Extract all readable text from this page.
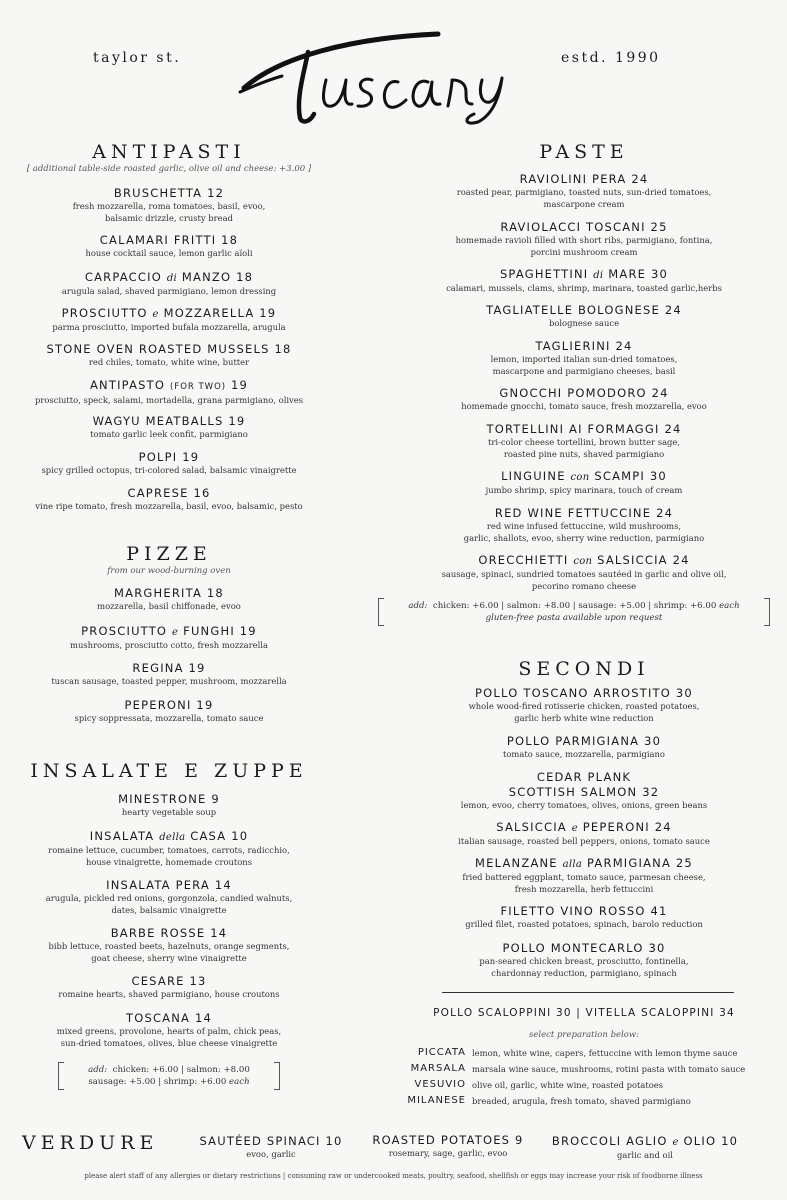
taylor st.	estd. 1990
ANTIPASTI
[ additional table-side roasted garlic, olive oil and cheese: +3.00 ]
BRUSCHETTA 12
fresh mozzarella, roma tomatoes, basil, evoo,
balsamic drizzle, crusty bread
CALAMARI FRITTI 18
house cocktail sauce, lemon garlic aïoli
CARPACCIO di MANZO 18
arugula salad, shaved parmigiano, lemon dressing
PROSCIUTTO e MOZZARELLA 19
parma prosciutto, imported bufala mozzarella, arugula
STONE OVEN ROASTED MUSSELS 18
red chiles, tomato, white wine, butter
ANTIPASTO (FOR TWO) 19
prosciutto, speck, salami, mortadella, grana parmigiano, olives
WAGYU MEATBALLS 19
tomato garlic leek confit, parmigiano
POLPI 19
spicy grilled octopus, tri-colored salad, balsamic vinaigrette
CAPRESE 16
vine ripe tomato, fresh mozzarella, basil, evoo, balsamic, pesto
PIZZE
from our wood-burning oven
MARGHERITA 18
mozzarella, basil chiffonade, evoo
PROSCIUTTO e FUNGHI 19
mushrooms, prosciutto cotto, fresh mozzarella
REGINA 19
tuscan sausage, toasted pepper, mushroom, mozzarella
PEPERONI 19
spicy soppressata, mozzarella, tomato sauce
INSALATE E ZUPPE
MINESTRONE 9
hearty vegetable soup
INSALATA della CASA 10
romaine lettuce, cucumber, tomatoes, carrots, radicchio,
house vinaigrette, homemade croutons
INSALATA PERA 14
arugula, pickled red onions, gorgonzola, candied walnuts,
dates, balsamic vinaigrette
BARBE ROSSE 14
bibb lettuce, roasted beets, hazelnuts, orange segments,
goat cheese, sherry wine vinaigrette
CESARE 13
romaine hearts, shaved parmigiano, house croutons
TOSCANA 14
mixed greens, provolone, hearts of palm, chick peas,
sun-dried tomatoes, olives, blue cheese vinaigrette
add: chicken: +6.00 | salmon: +8.00
sausage: +5.00 | shrimp: +6.00 each
PASTE
RAVIOLINI PERA 24
roasted pear, parmigiano, toasted nuts, sun-dried tomatoes,
mascarpone cream
RAVIOLACCI TOSCANI 25
homemade ravioli filled with short ribs, parmigiano, fontina,
porcini mushroom cream
SPAGHETTINI di MARE 30
calamari, mussels, clams, shrimp, marinara, toasted garlic,herbs
TAGLIATELLE BOLOGNESE 24
bolognese sauce
TAGLIERINI 24
lemon, imported italian sun-dried tomatoes,
mascarpone and parmigiano cheeses, basil
GNOCCHI POMODORO 24
homemade gnocchi, tomato sauce, fresh mozzarella, evoo
TORTELLINI AI FORMAGGI 24
tri-color cheese tortellini, brown butter sage,
roasted pine nuts, shaved parmigiano
LINGUINE con SCAMPI 30
jumbo shrimp, spicy marinara, touch of cream
RED WINE FETTUCCINE 24
red wine infused fettuccine, wild mushrooms,
garlic, shallots, evoo, sherry wine reduction, parmigiano
ORECCHIETTI con SALSICCIA 24
sausage, spinaci, sundried tomatoes sautéed in garlic and olive oil,
pecorino romano cheese
add: chicken: +6.00 | salmon: +8.00 | sausage: +5.00 | shrimp: +6.00 each
gluten-free pasta available upon request
SECONDI
POLLO TOSCANO ARROSTITO 30
whole wood-fired rotisserie chicken, roasted potatoes,
garlic herb white wine reduction
POLLO PARMIGIANA 30
tomato sauce, mozzarella, parmigiano
CEDAR PLANK
SCOTTISH SALMON 32
lemon, evoo, cherry tomatoes, olives, onions, green beans
SALSICCIA e PEPERONI 24
italian sausage, roasted bell peppers, onions, tomato sauce
MELANZANE alla PARMIGIANA 25
fried battered eggplant, tomato sauce, parmesan cheese,
fresh mozzarella, herb fettuccini
FILETTO VINO ROSSO 41
grilled filet, roasted potatoes, spinach, barolo reduction
POLLO MONTECARLO 30
pan-seared chicken breast, prosciutto, fontinella,
chardonnay reduction, parmigiano, spinach
POLLO SCALOPPINI 30 | VITELLA SCALOPPINI 34
select preparation below:
PICCATA lemon, white wine, capers, fettuccine with lemon thyme sauce
MARSALA marsala wine sauce, mushrooms, rotini pasta with tomato sauce
VESUVIO olive oil, garlic, white wine, roasted potatoes
MILANESE breaded, arugula, fresh tomato, shaved parmigiano
VERDURE	SAUTÉED SPINACI 10
evoo, garlic
ROASTED POTATOES 9
rosemary, sage, garlic, evoo
BROCCOLI AGLIO e OLIO 10
garlic and oil
please alert staff of any allergies or dietary restrictions | consuming raw or undercooked meats, poultry, seafood, shellfish or eggs may increase your risk of foodborne illness
